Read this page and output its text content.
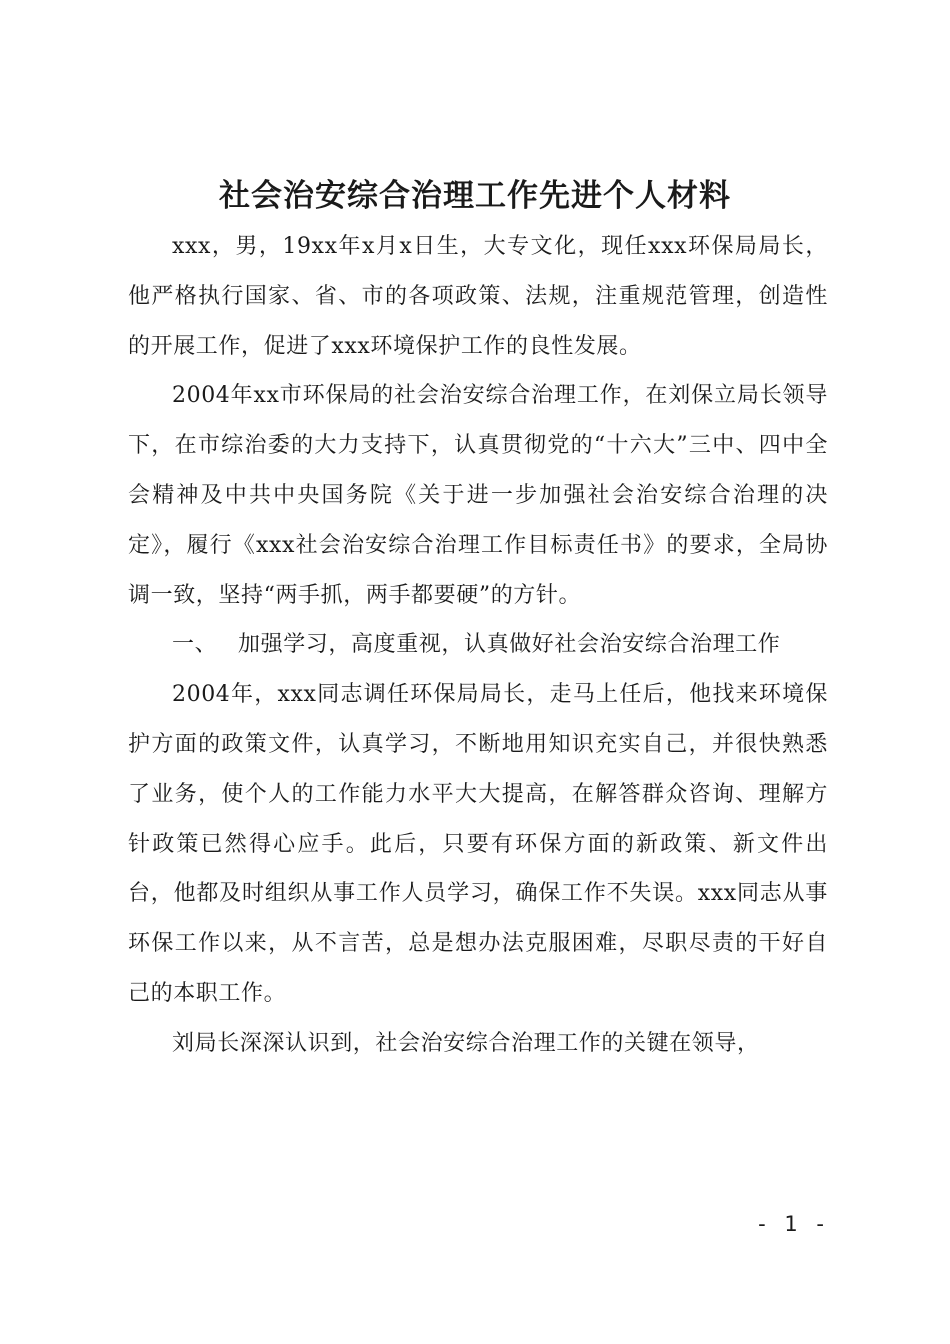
社会治安综合治理工作先进个人材料

xxx，男，19xx年x月x日生，大专文化，现任xxx环保局局长，他严格执行国家、省、市的各项政策、法规，注重规范管理，创造性的开展工作，促进了xxx环境保护工作的良性发展。

2004年xx市环保局的社会治安综合治理工作，在刘保立局长领导下，在市综治委的大力支持下，认真贯彻党的“十六大”三中、四中全会精神及中共中央国务院《关于进一步加强社会治安综合治理的决定》，履行《xxx社会治安综合治理工作目标责任书》的要求，全局协调一致，坚持“两手抓，两手都要硬”的方针。

一、 加强学习，高度重视，认真做好社会治安综合治理工作

2004年，xxx同志调任环保局局长，走马上任后，他找来环境保护方面的政策文件，认真学习，不断地用知识充实自己，并很快熟悉了业务，使个人的工作能力水平大大提高，在解答群众咨询、理解方针政策已然得心应手。此后，只要有环保方面的新政策、新文件出台，他都及时组织从事工作人员学习，确保工作不失误。xxx同志从事环保工作以来，从不言苦，总是想办法克服困难，尽职尽责的干好自己的本职工作。

刘局长深深认识到，社会治安综合治理工作的关键在领导，

- 1 -
